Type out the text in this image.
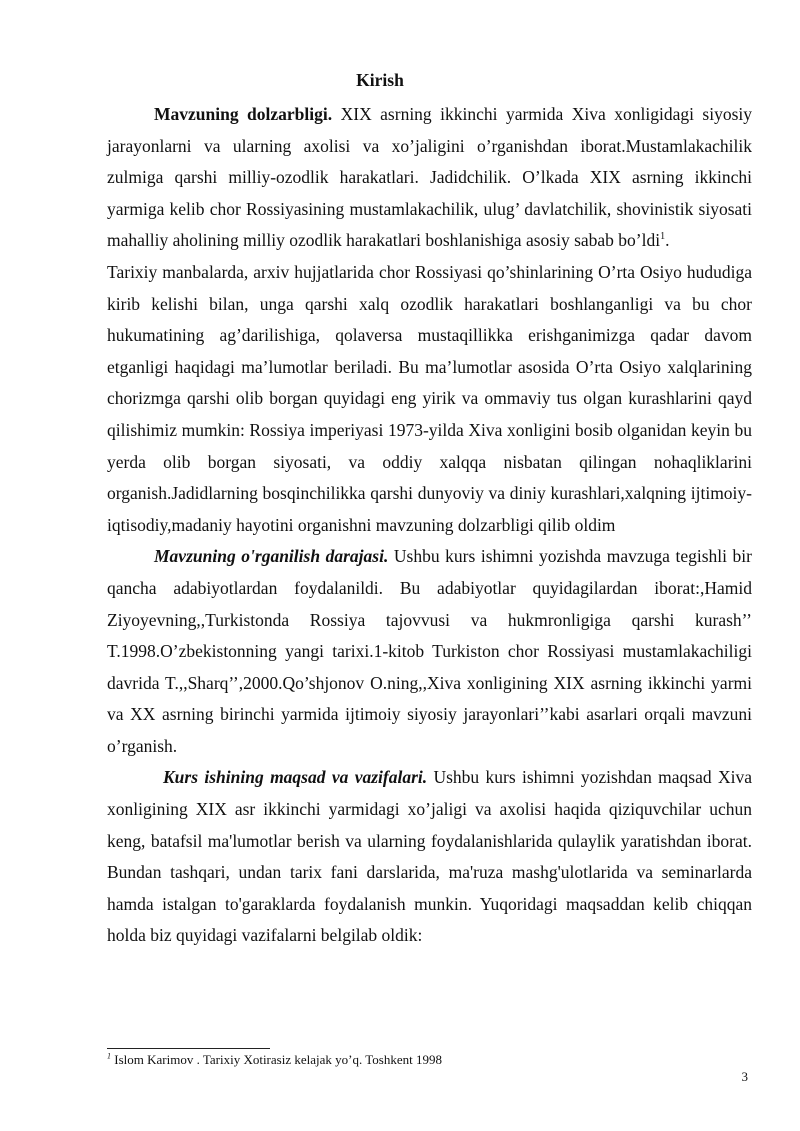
Kirish

Mavzuning dolzarbligi. XIX asrning ikkinchi yarmida Xiva xonligidagi siyosiy jarayonlarni va ularning axolisi va xo’jaligini o’rganishdan iborat.Mustamlakachilik zulmiga qarshi milliy-ozodlik harakatlari. Jadidchilik. O’lkada XIX asrning ikkinchi yarmiga kelib chor Rossiyasining mustamlakachilik, ulug’ davlatchilik, shovinistik siyosati mahalliy aholining milliy ozodlik harakatlari boshlanishiga asosiy sabab bo’ldi$^1$.

Tarixiy manbalarda, arxiv hujjatlarida chor Rossiyasi qo’shinlarining O’rta Osiyo hududiga kirib kelishi bilan, unga qarshi xalq ozodlik harakatlari boshlanganligi va bu chor hukumatining ag’darilishiga, qolaversa mustaqillikka erishganimizga qadar davom etganligi haqidagi ma’lumotlar beriladi. Bu ma’lumotlar asosida O’rta Osiyo xalqlarining chorizmga qarshi olib borgan quyidagi eng yirik va ommaviy tus olgan kurashlarini qayd qilishimiz mumkin: Rossiya imperiyasi 1973-yilda Xiva xonligini bosib olganidan keyin bu yerda olib borgan siyosati, va oddiy xalqqa nisbatan qilingan nohaqliklarini organish.Jadidlarning bosqinchilikka qarshi dunyoviy va diniy kurashlari,xalqning ijtimoiy-iqtisodiy,madaniy hayotini organishni mavzuning dolzarbligi qilib oldim

Mavzuning o'rganilish darajasi. Ushbu kurs ishimni yozishda mavzuga tegishli bir qancha adabiyotlardan foydalanildi. Bu adabiyotlar quyidagilardan iborat:,Hamid Ziyoyevning,,Turkistonda Rossiya tajovvusi va hukmronligiga qarshi kurash’’ T.1998.O’zbekistonning yangi tarixi.1-kitob Turkiston chor Rossiyasi mustamlakachiligi davrida T.,,Sharq’’,2000.Qo’shjonov O.ning,,Xiva xonligining XIX asrning ikkinchi yarmi va XX asrning birinchi yarmida ijtimoiy siyosiy jarayonlari’’kabi asarlari orqali mavzuni o’rganish.

Kurs ishining maqsad va vazifalari. Ushbu kurs ishimni yozishdan maqsad Xiva xonligining XIX asr ikkinchi yarmidagi xo’jaligi va axolisi haqida qiziquvchilar uchun keng, batafsil ma'lumotlar berish va ularning foydalanishlarida qulaylik yaratishdan iborat. Bundan tashqari, undan tarix fani darslarida, ma'ruza mashg'ulotlarida va seminarlarda hamda istalgan to'garaklarda foydalanish munkin. Yuqoridagi maqsaddan kelib chiqqan holda biz quyidagi vazifalarni belgilab oldik:

$^1$ Islom Karimov . Tarixiy Xotirasiz kelajak yo’q. Toshkent 1998
3
